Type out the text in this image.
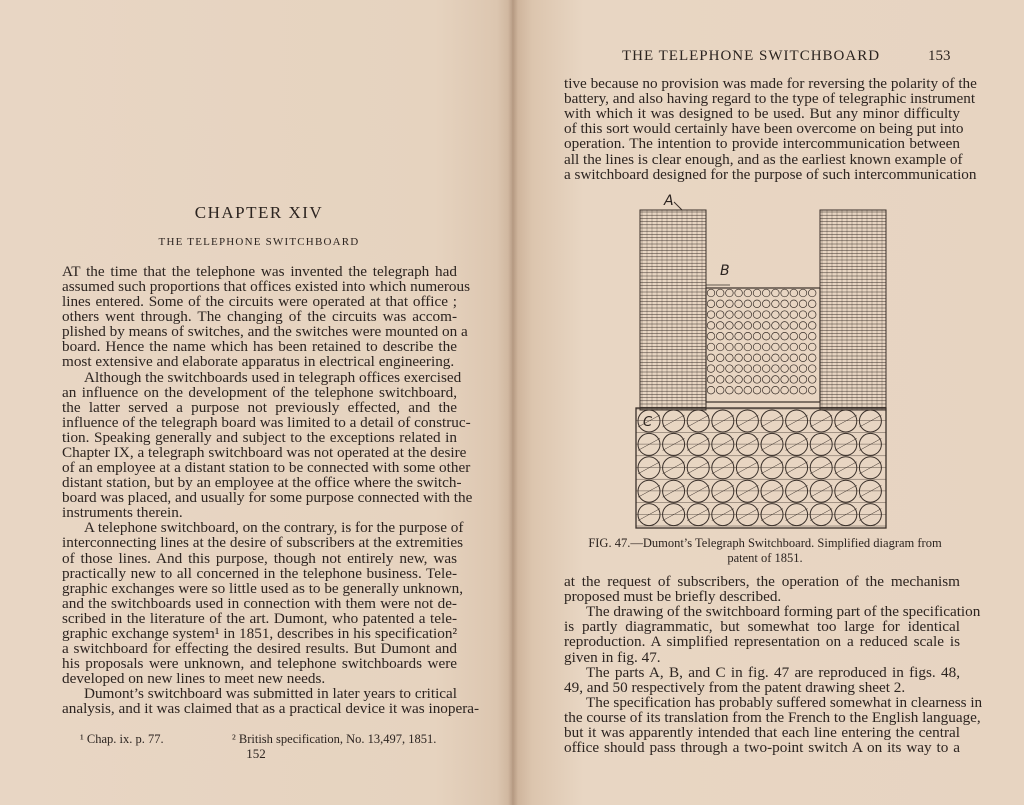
CHAPTER XIV
THE TELEPHONE SWITCHBOARD
AT the time that the telephone was invented the telegraph had
assumed such proportions that offices existed into which numerous
lines entered. Some of the circuits were operated at that office ;
others went through. The changing of the circuits was accom-
plished by means of switches, and the switches were mounted on a
board. Hence the name which has been retained to describe the
most extensive and elaborate apparatus in electrical engineering.
Although the switchboards used in telegraph offices exercised
an influence on the development of the telephone switchboard,
the latter served a purpose not previously effected, and the
influence of the telegraph board was limited to a detail of construc-
tion. Speaking generally and subject to the exceptions related in
Chapter IX, a telegraph switchboard was not operated at the desire
of an employee at a distant station to be connected with some other
distant station, but by an employee at the office where the switch-
board was placed, and usually for some purpose connected with the
instruments therein.
A telephone switchboard, on the contrary, is for the purpose of
interconnecting lines at the desire of subscribers at the extremities
of those lines. And this purpose, though not entirely new, was
practically new to all concerned in the telephone business. Tele-
graphic exchanges were so little used as to be generally unknown,
and the switchboards used in connection with them were not de-
scribed in the literature of the art. Dumont, who patented a tele-
graphic exchange system¹ in 1851, describes in his specification²
a switchboard for effecting the desired results. But Dumont and
his proposals were unknown, and telephone switchboards were
developed on new lines to meet new needs.
Dumont’s switchboard was submitted in later years to critical
analysis, and it was claimed that as a practical device it was inopera-
¹ Chap. ix. p. 77.	² British specification, No. 13,497, 1851.
152
THE TELEPHONE SWITCHBOARD	153
tive because no provision was made for reversing the polarity of the
battery, and also having regard to the type of telegraphic instrument
with which it was designed to be used. But any minor difficulty
of this sort would certainly have been overcome on being put into
operation. The intention to provide intercommunication between
all the lines is clear enough, and as the earliest known example of
a switchboard designed for the purpose of such intercommunication
A
B
C
FIG. 47.—Dumont’s Telegraph Switchboard. Simplified diagram from
patent of 1851.
at the request of subscribers, the operation of the mechanism
proposed must be briefly described.
The drawing of the switchboard forming part of the specification
is partly diagrammatic, but somewhat too large for identical
reproduction. A simplified representation on a reduced scale is
given in fig. 47.
The parts A, B, and C in fig. 47 are reproduced in figs. 48,
49, and 50 respectively from the patent drawing sheet 2.
The specification has probably suffered somewhat in clearness in
the course of its translation from the French to the English language,
but it was apparently intended that each line entering the central
office should pass through a two-point switch A on its way to a
